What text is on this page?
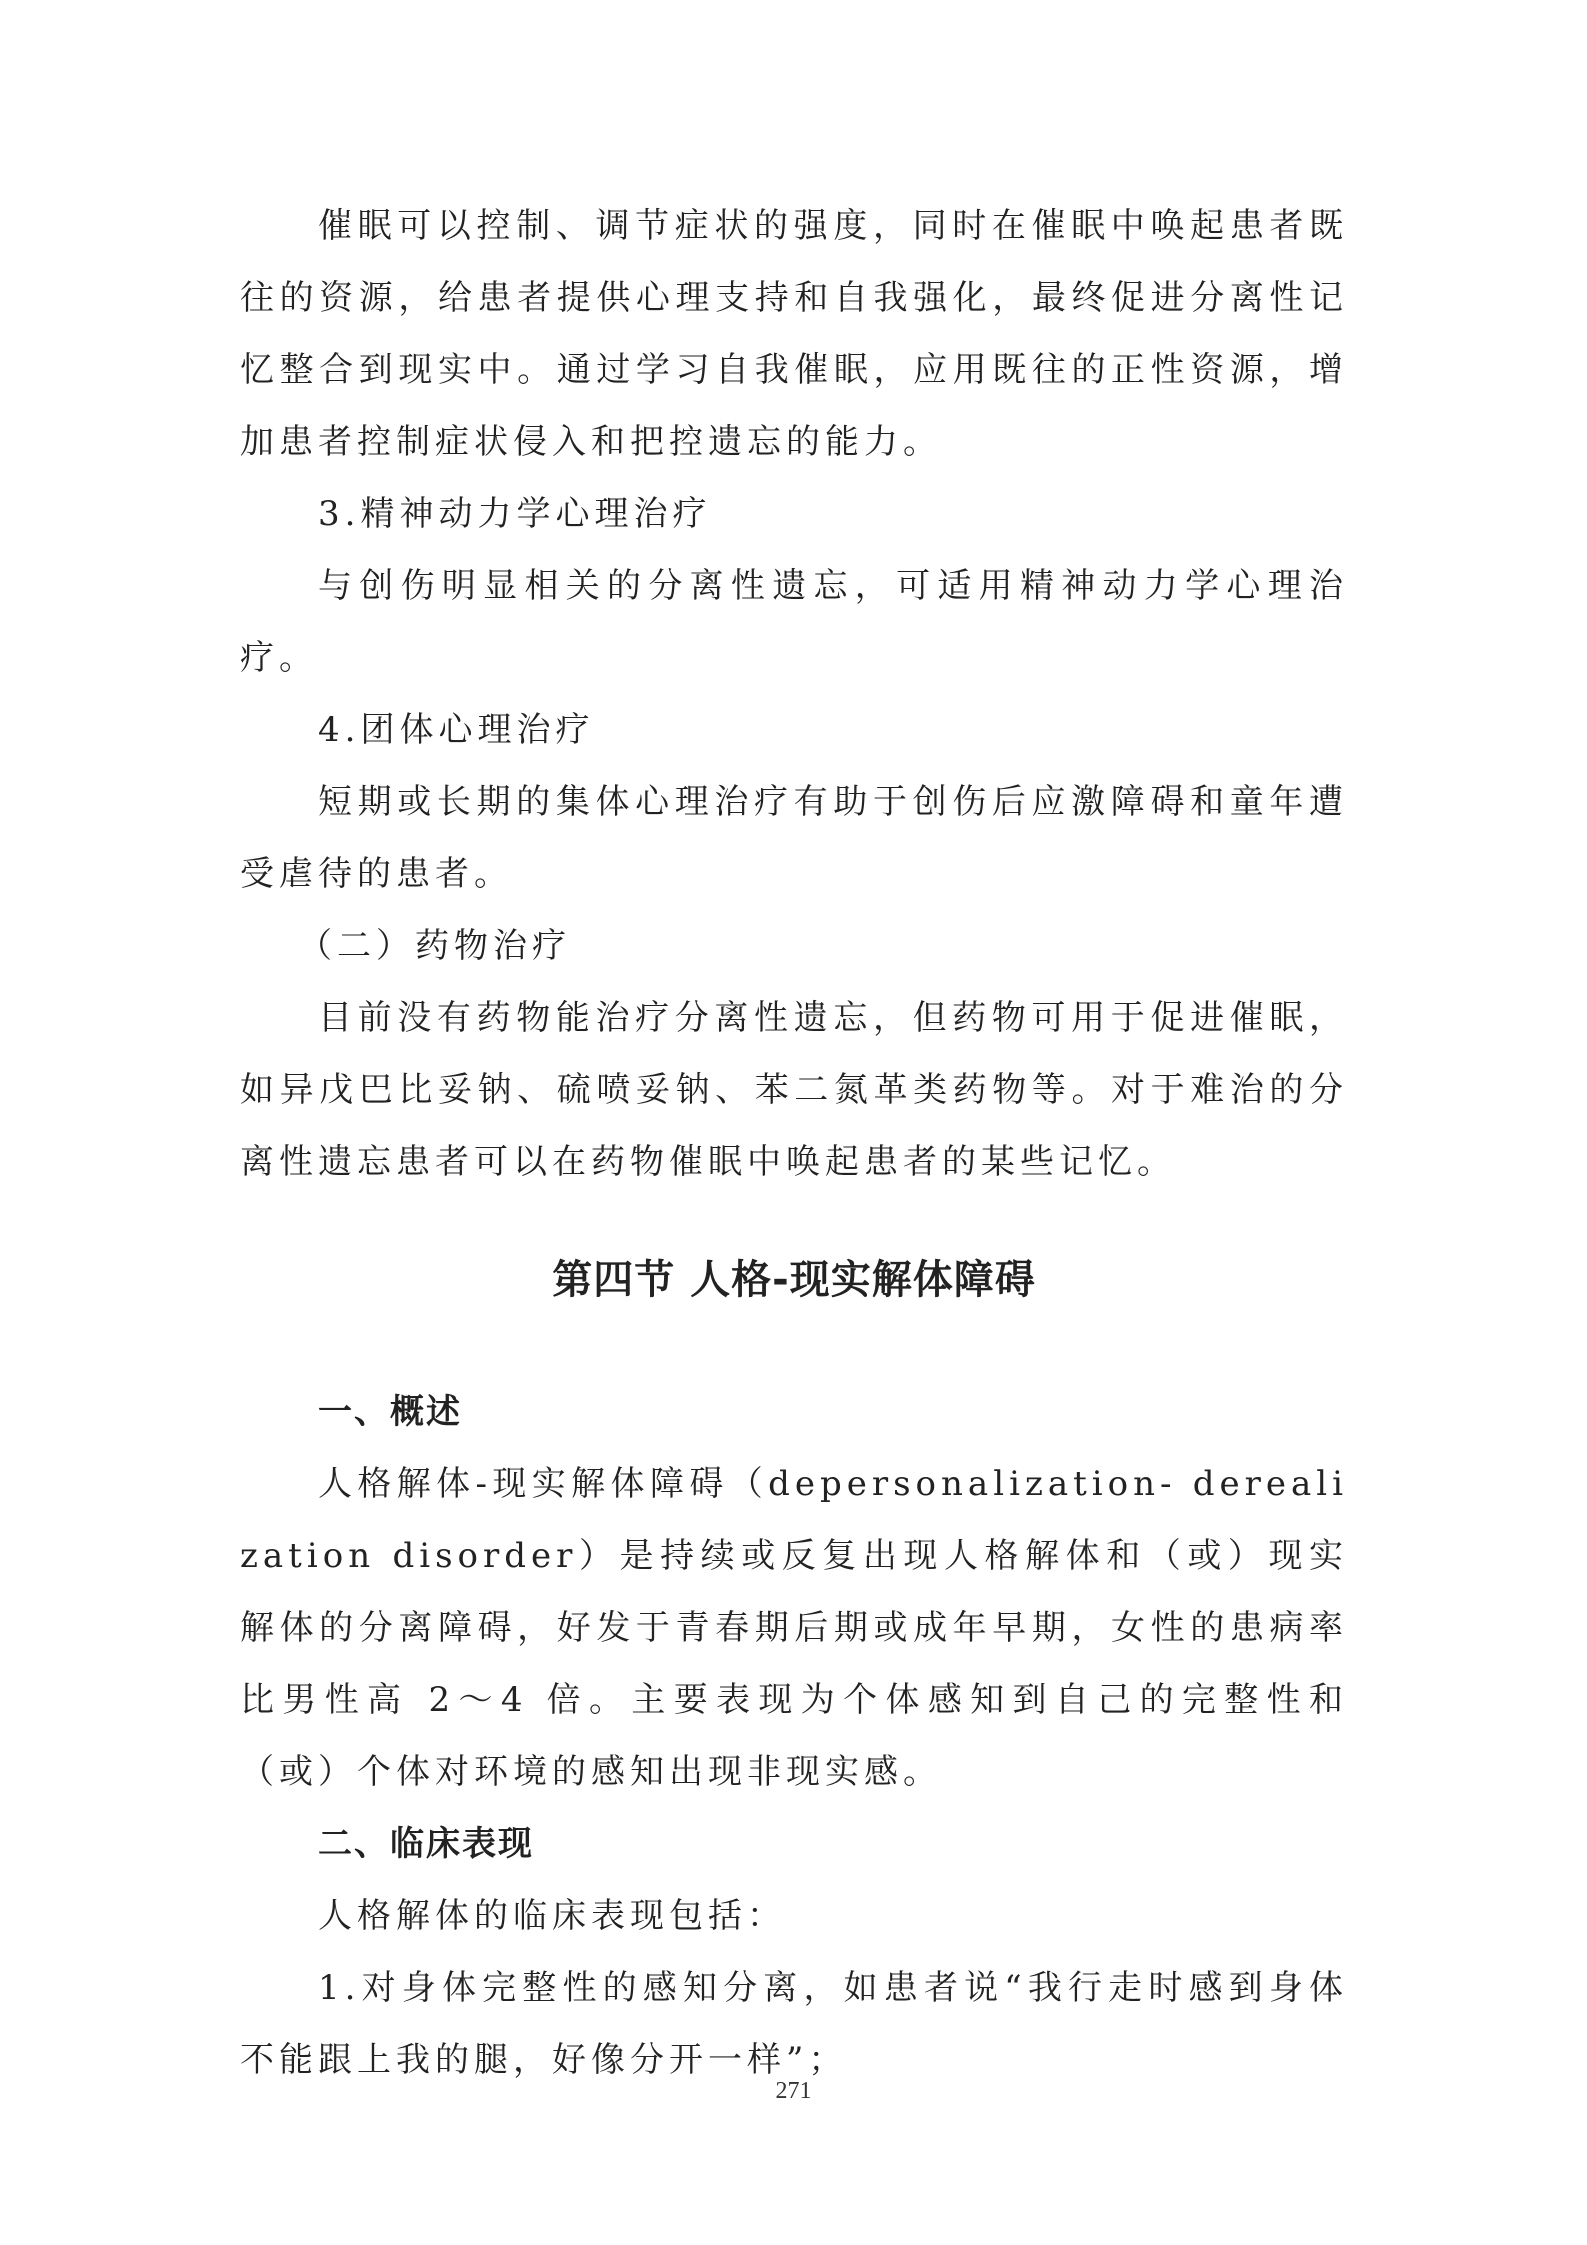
催眠可以控制、调节症状的强度，同时在催眠中唤起患者既往的资源，给患者提供心理支持和自我强化，最终促进分离性记忆整合到现实中。通过学习自我催眠，应用既往的正性资源，增加患者控制症状侵入和把控遗忘的能力。

3.精神动力学心理治疗

与创伤明显相关的分离性遗忘，可适用精神动力学心理治疗。

4.团体心理治疗

短期或长期的集体心理治疗有助于创伤后应激障碍和童年遭受虐待的患者。

（二）药物治疗

目前没有药物能治疗分离性遗忘，但药物可用于促进催眠，如异戊巴比妥钠、硫喷妥钠、苯二氮革类药物等。对于难治的分离性遗忘患者可以在药物催眠中唤起患者的某些记忆。

第四节 人格-现实解体障碍
一、概述

人格解体-现实解体障碍（depersonalization- derealization disorder）是持续或反复出现人格解体和（或）现实解体的分离障碍，好发于青春期后期或成年早期，女性的患病率比男性高 2～4 倍。主要表现为个体感知到自己的完整性和（或）个体对环境的感知出现非现实感。

二、临床表现

人格解体的临床表现包括：

1.对身体完整性的感知分离，如患者说“我行走时感到身体不能跟上我的腿，好像分开一样”；

271
